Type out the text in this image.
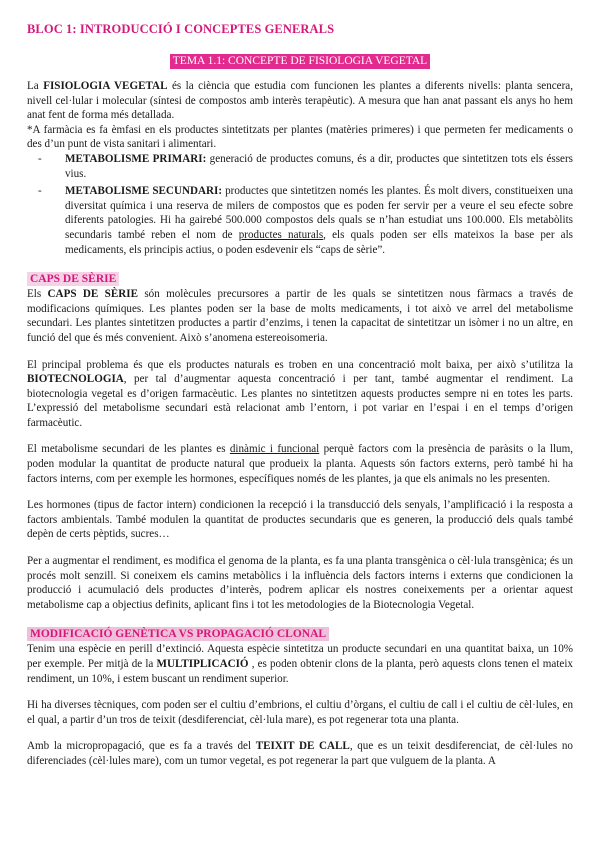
BLOC 1: INTRODUCCIÓ I CONCEPTES GENERALS
TEMA 1.1: CONCEPTE DE FISIOLOGIA VEGETAL

La FISIOLOGIA VEGETAL és la ciència que estudia com funcionen les plantes a diferents nivells: planta sencera, nivell cel·lular i molecular (síntesi de compostos amb interès terapèutic). A mesura que han anat passant els anys ho hem anat fent de forma més detallada.

*A farmàcia es fa èmfasi en els productes sintetitzats per plantes (matèries primeres) i que permeten fer medicaments o des d’un punt de vista sanitari i alimentari.

- METABOLISME PRIMARI: generació de productes comuns, és a dir, productes que sintetitzen tots els éssers vius.
- METABOLISME SECUNDARI: productes que sintetitzen només les plantes. És molt divers, constitueixen una diversitat química i una reserva de milers de compostos que es poden fer servir per a veure el seu efecte sobre diferents patologies. Hi ha gairebé 500.000 compostos dels quals se n’han estudiat uns 100.000. Els metabòlits secundaris també reben el nom de productes naturals, els quals poden ser ells mateixos la base per als medicaments, els principis actius, o poden esdevenir els “caps de sèrie”.
CAPS DE SÈRIE

Els CAPS DE SÈRIE són molècules precursores a partir de les quals se sintetitzen nous fàrmacs a través de modificacions químiques. Les plantes poden ser la base de molts medicaments, i tot això ve arrel del metabolisme secundari. Les plantes sintetitzen productes a partir d’enzims, i tenen la capacitat de sintetitzar un isòmer i no un altre, en funció del que és més convenient. Això s’anomena estereoisomeria.

El principal problema és que els productes naturals es troben en una concentració molt baixa, per això s’utilitza la BIOTECNOLOGIA, per tal d’augmentar aquesta concentració i per tant, també augmentar el rendiment. La biotecnologia vegetal es d’origen farmacèutic. Les plantes no sintetitzen aquests productes sempre ni en totes les parts. L’expressió del metabolisme secundari està relacionat amb l’entorn, i pot variar en l’espai i en el temps d’origen farmacèutic.

El metabolisme secundari de les plantes es dinàmic i funcional perquè factors com la presència de paràsits o la llum, poden modular la quantitat de producte natural que produeix la planta. Aquests són factors externs, però també hi ha factors interns, com per exemple les hormones, específiques només de les plantes, ja que els animals no les presenten.

Les hormones (tipus de factor intern) condicionen la recepció i la transducció dels senyals, l’amplificació i la resposta a factors ambientals. També modulen la quantitat de productes secundaris que es generen, la producció dels quals també depèn de certs pèptids, sucres…

Per a augmentar el rendiment, es modifica el genoma de la planta, es fa una planta transgènica o cèl·lula transgènica; és un procés molt senzill. Si coneixem els camins metabòlics i la influència dels factors interns i externs que condicionen la producció i acumulació dels productes d’interès, podrem aplicar els nostres coneixements per a orientar aquest metabolisme cap a objectius definits, aplicant fins i tot les metodologies de la Biotecnologia Vegetal.

MODIFICACIÓ GENÈTICA VS PROPAGACIÓ CLONAL

Tenim una espècie en perill d’extinció. Aquesta espècie sintetitza un producte secundari en una quantitat baixa, un 10% per exemple. Per mitjà de la MULTIPLICACIÓ , es poden obtenir clons de la planta, però aquests clons tenen el mateix rendiment, un 10%, i estem buscant un rendiment superior.

Hi ha diverses tècniques, com poden ser el cultiu d’embrions, el cultiu d’òrgans, el cultiu de call i el cultiu de cèl·lules, en el qual, a partir d’un tros de teixit (desdiferenciat, cèl·lula mare), es pot regenerar tota una planta.

Amb la micropropagació, que es fa a través del TEIXIT DE CALL, que es un teixit desdiferenciat, de cèl·lules no diferenciades (cèl·lules mare), com un tumor vegetal, es pot regenerar la part que vulguem de la planta. A
